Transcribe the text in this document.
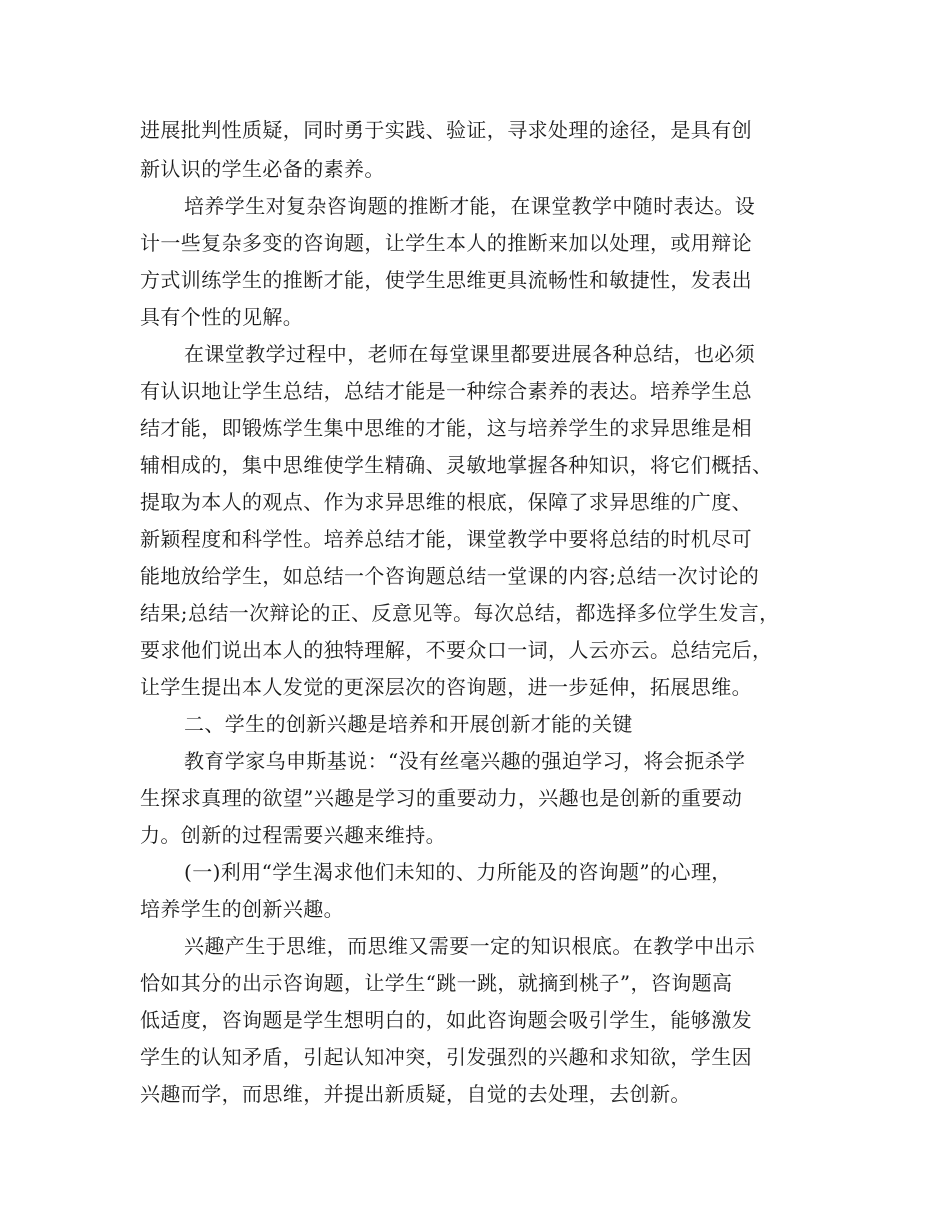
进展批判性质疑，同时勇于实践、验证，寻求处理的途径，是具有创
新认识的学生必备的素养。
培养学生对复杂咨询题的推断才能，在课堂教学中随时表达。设
计一些复杂多变的咨询题，让学生本人的推断来加以处理，或用辩论
方式训练学生的推断才能，使学生思维更具流畅性和敏捷性，发表出
具有个性的见解。
在课堂教学过程中，老师在每堂课里都要进展各种总结，也必须
有认识地让学生总结，总结才能是一种综合素养的表达。培养学生总
结才能，即锻炼学生集中思维的才能，这与培养学生的求异思维是相
辅相成的，集中思维使学生精确、灵敏地掌握各种知识，将它们概括、
提取为本人的观点、作为求异思维的根底，保障了求异思维的广度、
新颖程度和科学性。培养总结才能，课堂教学中要将总结的时机尽可
能地放给学生，如总结一个咨询题总结一堂课的内容;总结一次讨论的
结果;总结一次辩论的正、反意见等。每次总结，都选择多位学生发言，
要求他们说出本人的独特理解，不要众口一词，人云亦云。总结完后，
让学生提出本人发觉的更深层次的咨询题，进一步延伸，拓展思维。
二、学生的创新兴趣是培养和开展创新才能的关键
教育学家乌申斯基说：“没有丝毫兴趣的强迫学习，将会扼杀学
生探求真理的欲望”兴趣是学习的重要动力，兴趣也是创新的重要动
力。创新的过程需要兴趣来维持。
(一)利用“学生渴求他们未知的、力所能及的咨询题”的心理，
培养学生的创新兴趣。
兴趣产生于思维，而思维又需要一定的知识根底。在教学中出示
恰如其分的出示咨询题，让学生“跳一跳，就摘到桃子”，咨询题高
低适度，咨询题是学生想明白的，如此咨询题会吸引学生，能够激发
学生的认知矛盾，引起认知冲突，引发强烈的兴趣和求知欲，学生因
兴趣而学，而思维，并提出新质疑，自觉的去处理，去创新。
